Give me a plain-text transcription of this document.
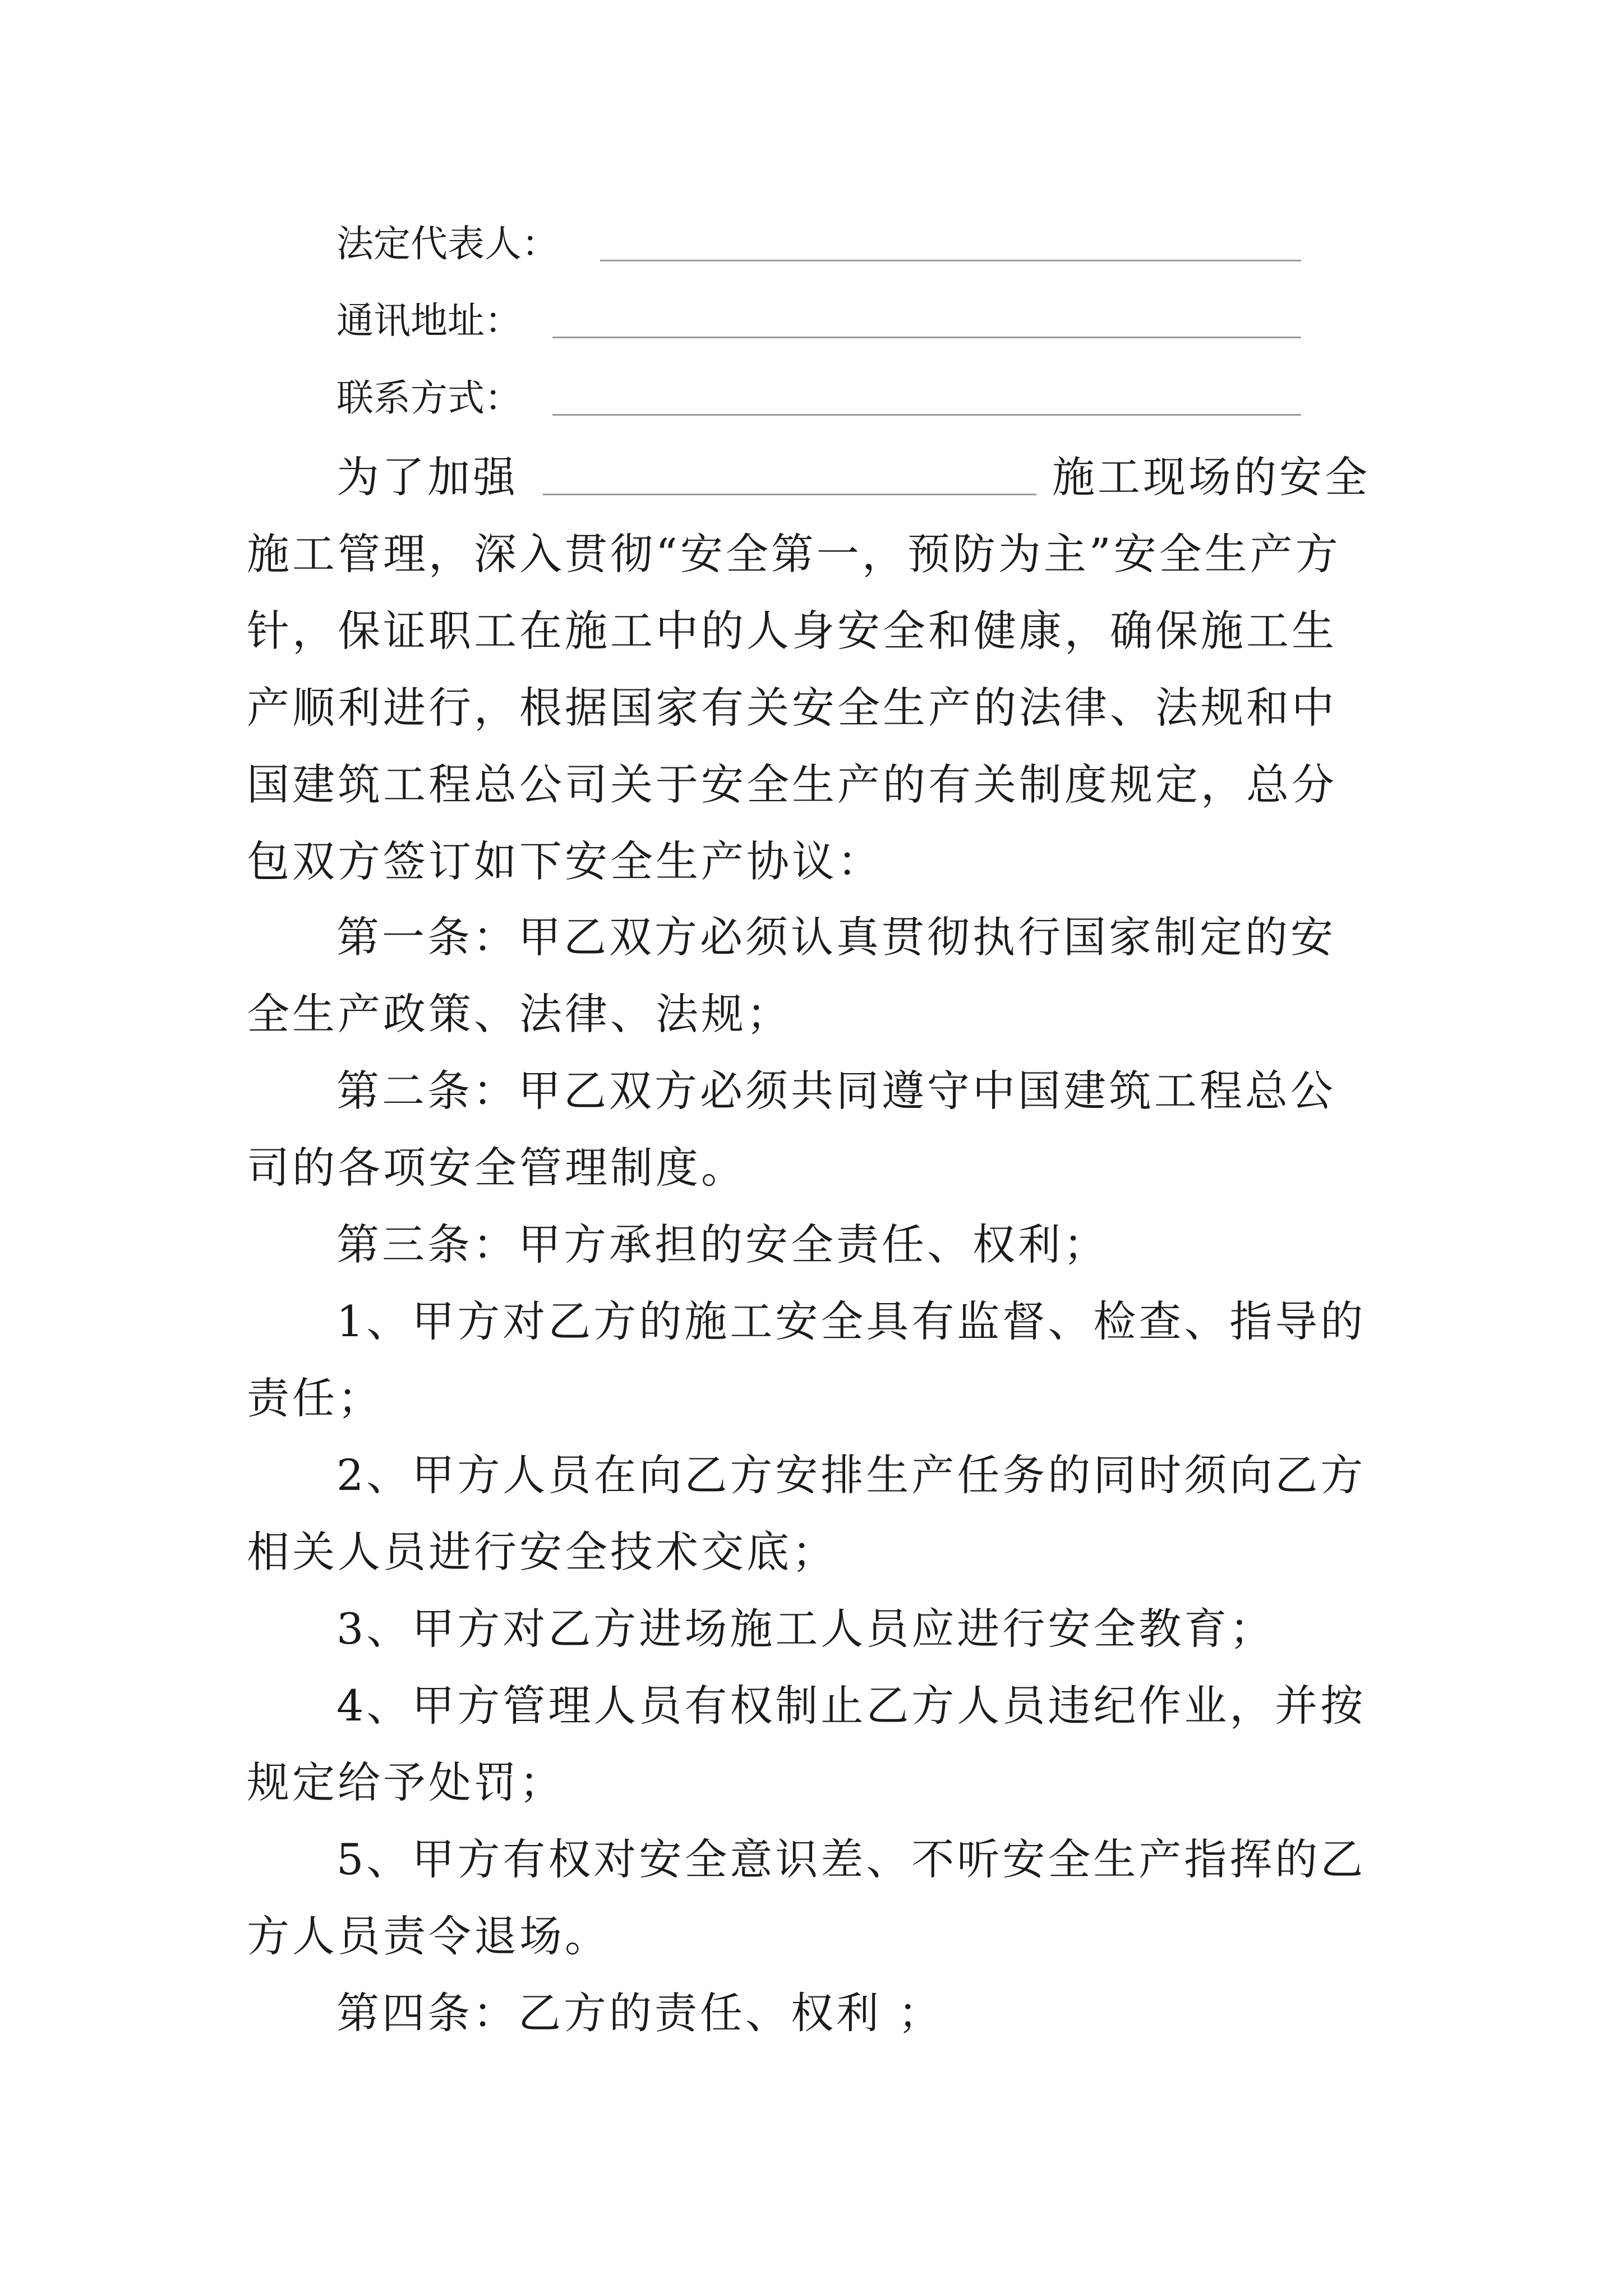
法定代表人：
通讯地址：
联系方式：

为了加强	施工现场的安全施工管理，深入贯彻“安全第一，预防为主”安全生产方针，保证职工在施工中的人身安全和健康，确保施工生产顺利进行，根据国家有关安全生产的法律、法规和中国建筑工程总公司关于安全生产的有关制度规定，总分包双方签订如下安全生产协议：

第一条：甲乙双方必须认真贯彻执行国家制定的安全生产政策、法律、法规；

第二条：甲乙双方必须共同遵守中国建筑工程总公司的各项安全管理制度。

第三条：甲方承担的安全责任、权利；

1、甲方对乙方的施工安全具有监督、检查、指导的责任；

2、甲方人员在向乙方安排生产任务的同时须向乙方相关人员进行安全技术交底；

3、甲方对乙方进场施工人员应进行安全教育；

4、甲方管理人员有权制止乙方人员违纪作业，并按规定给予处罚；

5、甲方有权对安全意识差、不听安全生产指挥的乙方人员责令退场。

第四条：乙方的责任、权利 ；
